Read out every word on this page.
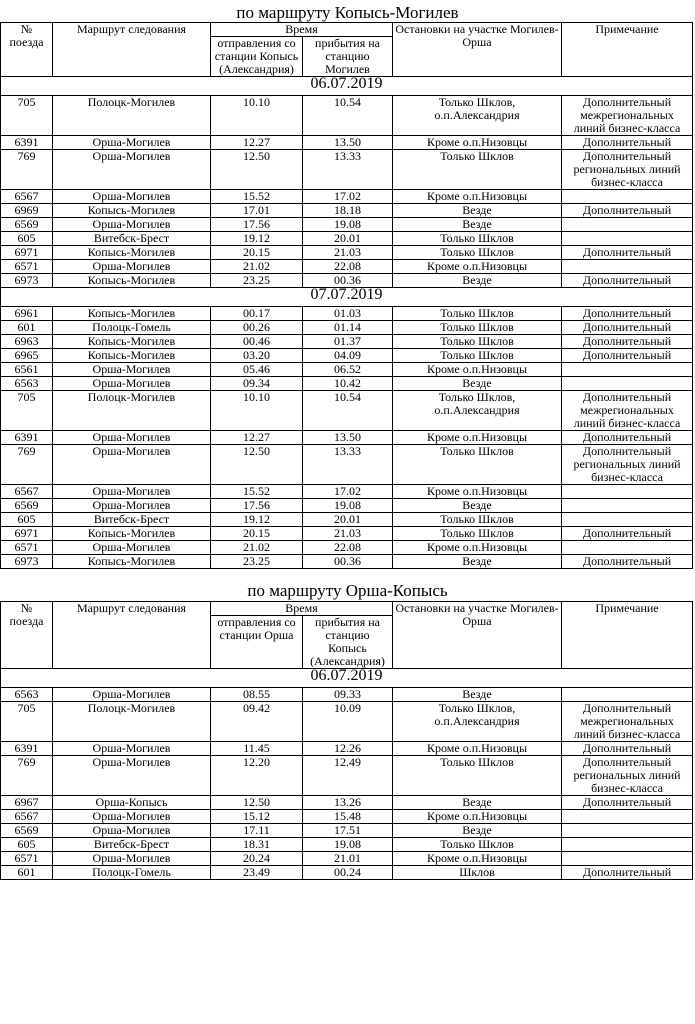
по маршруту Копысь-Могилев
№ поезда	Маршрут следования	Время		Остановки на участке Могилев-Орша	Примечание
		отправления со станции Копысь (Александрия)	прибытия на станцию Могилев		
06.07.2019					
705	Полоцк-Могилев	10.10	10.54	Только Шклов, о.п.Александрия	Дополнительный межрегиональных линий бизнес-класса
6391	Орша-Могилев	12.27	13.50	Кроме о.п.Низовцы	Дополнительный
769	Орша-Могилев	12.50	13.33	Только Шклов	Дополнительный региональных линий бизнес-класса
6567	Орша-Могилев	15.52	17.02	Кроме о.п.Низовцы	
6969	Копысь-Могилев	17.01	18.18	Везде	Дополнительный
6569	Орша-Могилев	17.56	19.08	Везде	
605	Витебск-Брест	19.12	20.01	Только Шклов	
6971	Копысь-Могилев	20.15	21.03	Только Шклов	Дополнительный
6571	Орша-Могилев	21.02	22.08	Кроме о.п.Низовцы	
6973	Копысь-Могилев	23.25	00.36	Везде	Дополнительный
07.07.2019					
6961	Копысь-Могилев	00.17	01.03	Только Шклов	Дополнительный
601	Полоцк-Гомель	00.26	01.14	Только Шклов	Дополнительный
6963	Копысь-Могилев	00.46	01.37	Только Шклов	Дополнительный
6965	Копысь-Могилев	03.20	04.09	Только Шклов	Дополнительный
6561	Орша-Могилев	05.46	06.52	Кроме о.п.Низовцы	
6563	Орша-Могилев	09.34	10.42	Везде	
705	Полоцк-Могилев	10.10	10.54	Только Шклов, о.п.Александрия	Дополнительный межрегиональных линий бизнес-класса
6391	Орша-Могилев	12.27	13.50	Кроме о.п.Низовцы	Дополнительный
769	Орша-Могилев	12.50	13.33	Только Шклов	Дополнительный региональных линий бизнес-класса
6567	Орша-Могилев	15.52	17.02	Кроме о.п.Низовцы	
6569	Орша-Могилев	17.56	19.08	Везде	
605	Витебск-Брест	19.12	20.01	Только Шклов	
6971	Копысь-Могилев	20.15	21.03	Только Шклов	Дополнительный
6571	Орша-Могилев	21.02	22.08	Кроме о.п.Низовцы	
6973	Копысь-Могилев	23.25	00.36	Везде	Дополнительный
по маршруту Орша-Копысь
№ поезда	Маршрут следования	Время		Остановки на участке Могилев-Орша	Примечание
		отправления со станции Орша	прибытия на станцию Копысь (Александрия)		
06.07.2019					
6563	Орша-Могилев	08.55	09.33	Везде	
705	Полоцк-Могилев	09.42	10.09	Только Шклов, о.п.Александрия	Дополнительный межрегиональных линий бизнес-класса
6391	Орша-Могилев	11.45	12.26	Кроме о.п.Низовцы	Дополнительный
769	Орша-Могилев	12.20	12.49	Только Шклов	Дополнительный региональных линий бизнес-класса
6967	Орша-Копысь	12.50	13.26	Везде	Дополнительный
6567	Орша-Могилев	15.12	15.48	Кроме о.п.Низовцы	
6569	Орша-Могилев	17.11	17.51	Везде	
605	Витебск-Брест	18.31	19.08	Только Шклов	
6571	Орша-Могилев	20.24	21.01	Кроме о.п.Низовцы	
601	Полоцк-Гомель	23.49	00.24	Шклов	Дополнительный
